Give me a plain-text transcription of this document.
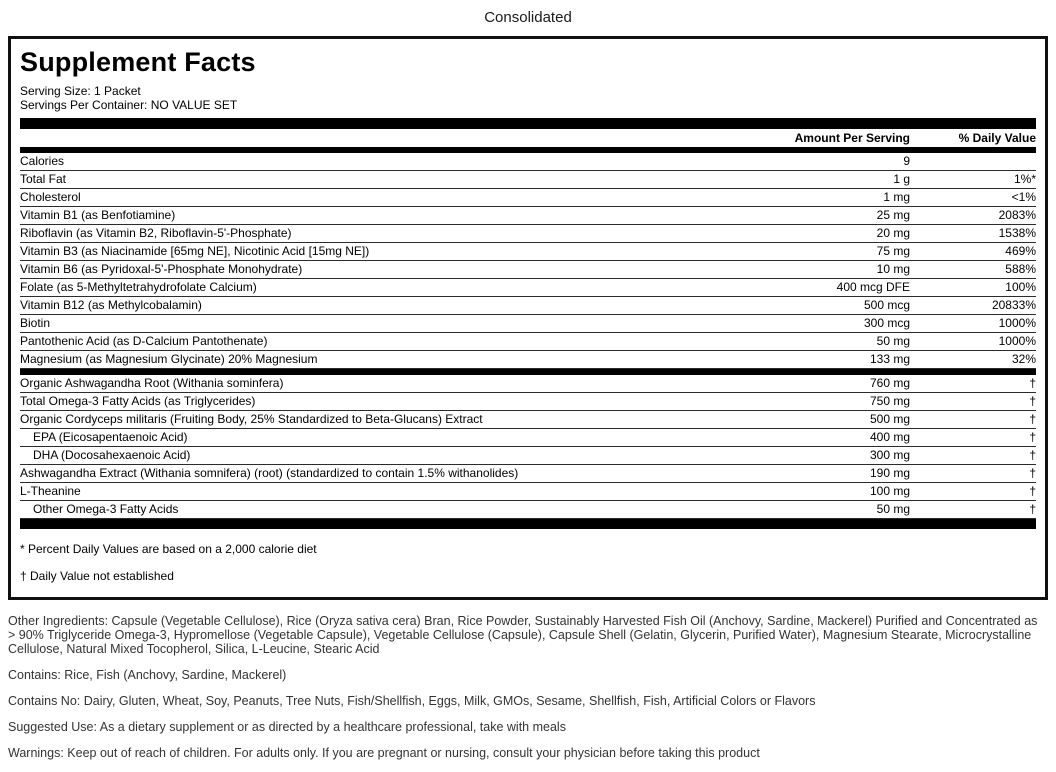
Consolidated
Supplement Facts

Serving Size: 1 Packet

Servings Per Container: NO VALUE SET

	Amount Per Serving	% Daily Value
Calories	9	
Total Fat	1 g	1%*
Cholesterol	1 mg	<1%
Vitamin B1 (as Benfotiamine)	25 mg	2083%
Riboflavin (as Vitamin B2, Riboflavin-5'-Phosphate)	20 mg	1538%
Vitamin B3 (as Niacinamide [65mg NE], Nicotinic Acid [15mg NE])	75 mg	469%
Vitamin B6 (as Pyridoxal-5'-Phosphate Monohydrate)	10 mg	588%
Folate (as 5-Methyltetrahydrofolate Calcium)	400 mcg DFE	100%
Vitamin B12 (as Methylcobalamin)	500 mcg	20833%
Biotin	300 mcg	1000%
Pantothenic Acid (as D-Calcium Pantothenate)	50 mg	1000%
Magnesium (as Magnesium Glycinate) 20% Magnesium	133 mg	32%
Organic Ashwagandha Root (Withania sominfera)	760 mg	†
Total Omega-3 Fatty Acids (as Triglycerides)	750 mg	†
Organic Cordyceps militaris (Fruiting Body, 25% Standardized to Beta-Glucans) Extract	500 mg	†
EPA (Eicosapentaenoic Acid)	400 mg	†
DHA (Docosahexaenoic Acid)	300 mg	†
Ashwagandha Extract (Withania somnifera) (root) (standardized to contain 1.5% withanolides)	190 mg	†
L-Theanine	100 mg	†
Other Omega-3 Fatty Acids	50 mg	†

* Percent Daily Values are based on a 2,000 calorie diet

† Daily Value not established

Other Ingredients: Capsule (Vegetable Cellulose), Rice (Oryza sativa cera) Bran, Rice Powder, Sustainably Harvested Fish Oil (Anchovy, Sardine, Mackerel) Purified and Concentrated as > 90% Triglyceride Omega-3, Hypromellose (Vegetable Capsule), Vegetable Cellulose (Capsule), Capsule Shell (Gelatin, Glycerin, Purified Water), Magnesium Stearate, Microcrystalline Cellulose, Natural Mixed Tocopherol, Silica, L-Leucine, Stearic Acid

Contains: Rice, Fish (Anchovy, Sardine, Mackerel)

Contains No: Dairy, Gluten, Wheat, Soy, Peanuts, Tree Nuts, Fish/Shellfish, Eggs, Milk, GMOs, Sesame, Shellfish, Fish, Artificial Colors or Flavors

Suggested Use: As a dietary supplement or as directed by a healthcare professional, take with meals

Warnings: Keep out of reach of children. For adults only. If you are pregnant or nursing, consult your physician before taking this product
